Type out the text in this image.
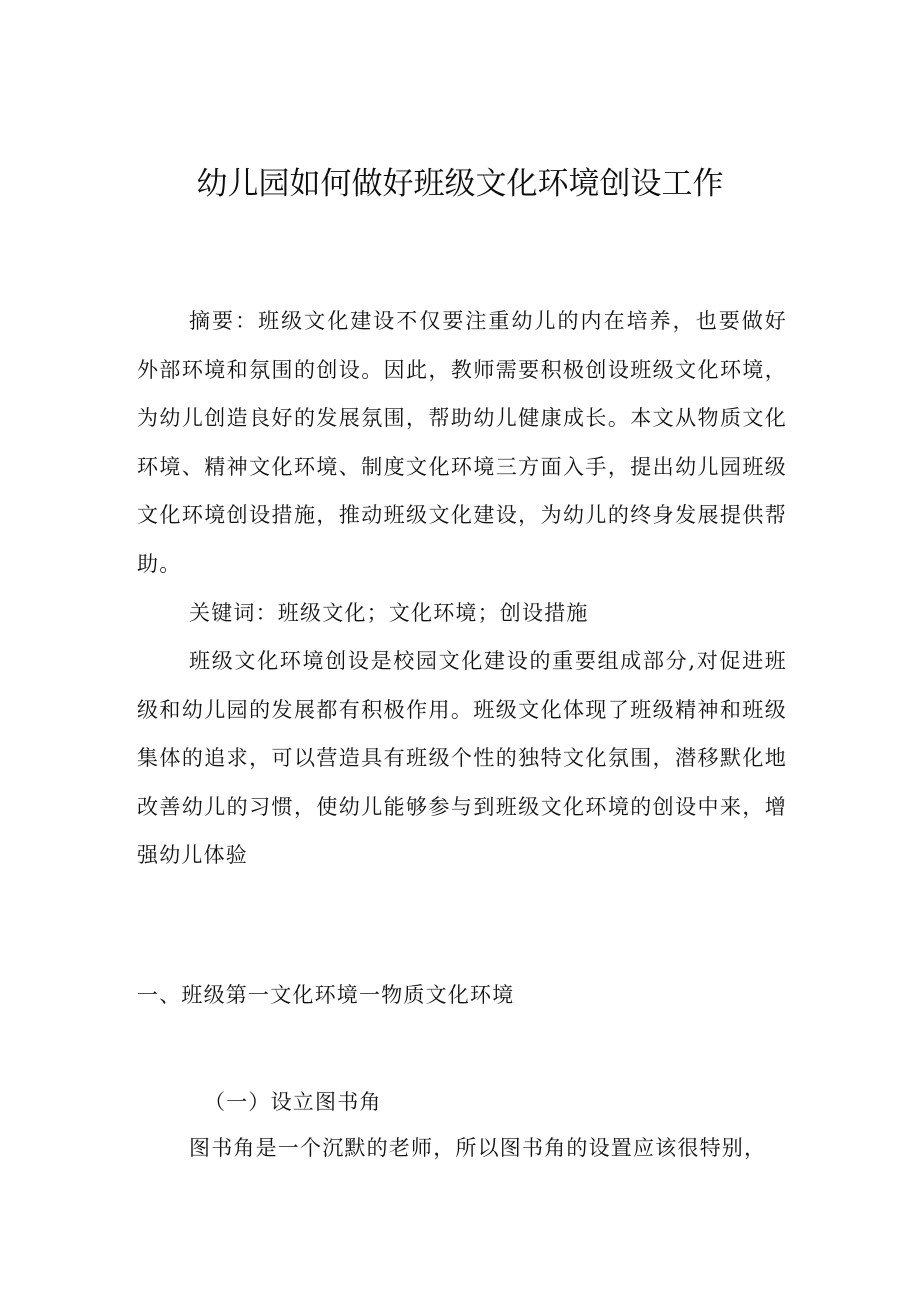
幼儿园如何做好班级文化环境创设工作
摘要：班级文化建设不仅要注重幼儿的内在培养，也要做好外部环境和氛围的创设。因此，教师需要积极创设班级文化环境，为幼儿创造良好的发展氛围，帮助幼儿健康成长。本文从物质文化环境、精神文化环境、制度文化环境三方面入手，提出幼儿园班级文化环境创设措施，推动班级文化建设，为幼儿的终身发展提供帮助。
关键词：班级文化；文化环境；创设措施
班级文化环境创设是校园文化建设的重要组成部分,对促进班级和幼儿园的发展都有积极作用。班级文化体现了班级精神和班级集体的追求，可以营造具有班级个性的独特文化氛围，潜移默化地改善幼儿的习惯，使幼儿能够参与到班级文化环境的创设中来，增强幼儿体验
一、班级第一文化环境一物质文化环境
（一）设立图书角
图书角是一个沉默的老师，所以图书角的设置应该很特别，
